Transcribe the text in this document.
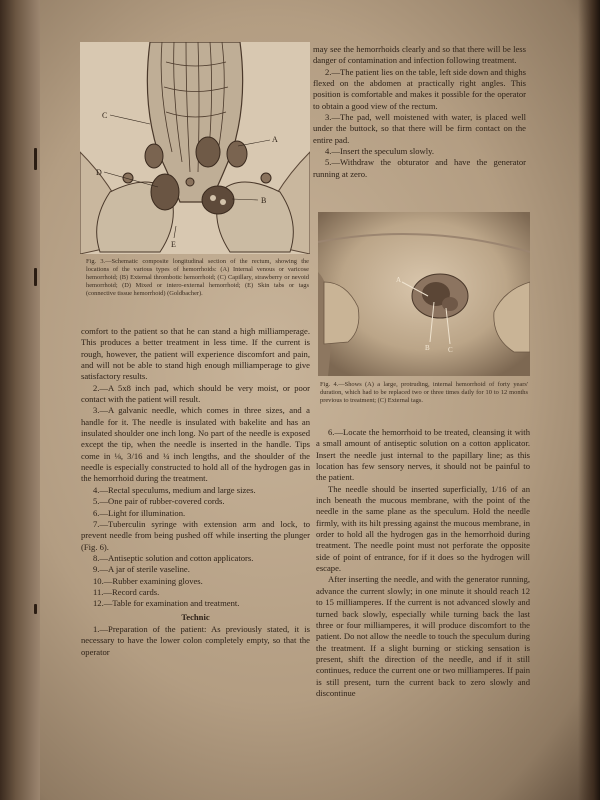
C
A
D
B
E

Fig. 3.—Schematic composite longitudinal section of the rectum, showing the locations of the various types of hemorrhoids: (A) Internal venous or varicose hemorrhoid; (B) External thrombotic hemorrhoid; (C) Capillary, strawberry or nevoid hemorrhoid; (D) Mixed or intero-external hemorrhoid; (E) Skin tabs or tags (connective tissue hemorrhoid) (Goldbacher).

A
B	C

Fig. 4.—Shows (A) a large, protruding, internal hemorrhoid of forty years' duration, which had to be replaced two or three times daily for 10 to 12 months previous to treatment; (C) External tags.

comfort to the patient so that he can stand a high milliamperage. This produces a better treatment in less time. If the current is rough, however, the patient will experience discomfort and pain, and will not be able to stand high enough milliamperage to give satisfactory results.

2.—A 5x8 inch pad, which should be very moist, or poor contact with the patient will result.

3.—A galvanic needle, which comes in three sizes, and a handle for it. The needle is insulated with bakelite and has an insulated shoulder one inch long. No part of the needle is exposed except the tip, when the needle is inserted in the handle. Tips come in ⅛, 3/16 and ¼ inch lengths, and the shoulder of the needle is especially constructed to hold all of the hydrogen gas in the hemorrhoid during the treatment.

4.—Rectal speculums, medium and large sizes.

5.—One pair of rubber-covered cords.

6.—Light for illumination.

7.—Tuberculin syringe with extension arm and lock, to prevent needle from being pushed off while inserting the plunger (Fig. 6).

8.—Antiseptic solution and cotton applicators.

9.—A jar of sterile vaseline.

10.—Rubber examining gloves.

11.—Record cards.

12.—Table for examination and treatment.

Technic

1.—Preparation of the patient: As previously stated, it is necessary to have the lower colon completely empty, so that the operator

may see the hemorrhoids clearly and so that there will be less danger of contamination and infection following treatment.

2.—The patient lies on the table, left side down and thighs flexed on the abdomen at practically right angles. This position is comfortable and makes it possible for the operator to obtain a good view of the rectum.

3.—The pad, well moistened with water, is placed well under the buttock, so that there will be firm contact on the entire pad.

4.—Insert the speculum slowly.

5.—Withdraw the obturator and have the generator running at zero.

6.—Locate the hemorrhoid to be treated, cleansing it with a small amount of antiseptic solution on a cotton applicator. Insert the needle just internal to the papillary line; as this location has few sensory nerves, it should not be painful to the patient.

The needle should be inserted superficially, 1/16 of an inch beneath the mucous membrane, with the point of the needle in the same plane as the speculum. Hold the needle firmly, with its hilt pressing against the mucous membrane, in order to hold all the hydrogen gas in the hemorrhoid during treatment. The needle point must not perforate the opposite side of point of entrance, for if it does so the hydrogen will escape.

After inserting the needle, and with the generator running, advance the current slowly; in one minute it should reach 12 to 15 milliamperes. If the current is not advanced slowly and turned back slowly, especially while turning back the last three or four milliamperes, it will produce discomfort to the patient. Do not allow the needle to touch the speculum during the treatment. If a slight burning or sticking sensation is present, shift the direction of the needle, and if it still continues, reduce the current one or two milliamperes. If pain is still present, turn the current back to zero slowly and discontinue
